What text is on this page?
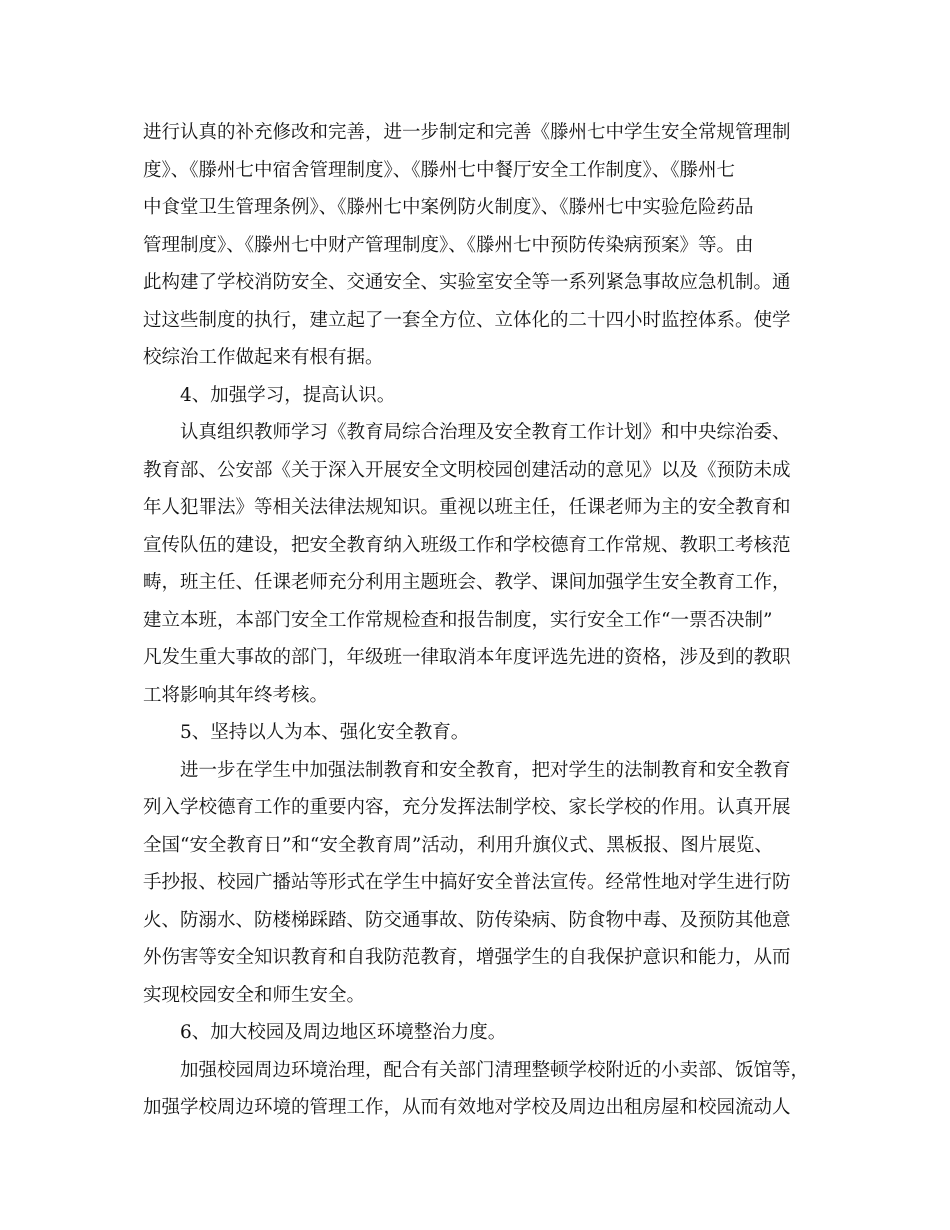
进行认真的补充修改和完善，进一步制定和完善《滕州七中学生安全常规管理制
度》、《滕州七中宿舍管理制度》、《滕州七中餐厅安全工作制度》、《滕州七
中食堂卫生管理条例》、《滕州七中案例防火制度》、《滕州七中实验危险药品
管理制度》、《滕州七中财产管理制度》、《滕州七中预防传染病预案》等。由
此构建了学校消防安全、交通安全、实验室安全等一系列紧急事故应急机制。通
过这些制度的执行，建立起了一套全方位、立体化的二十四小时监控体系。使学
校综治工作做起来有根有据。
4、加强学习，提高认识。
认真组织教师学习《教育局综合治理及安全教育工作计划》和中央综治委、
教育部、公安部《关于深入开展安全文明校园创建活动的意见》以及《预防未成
年人犯罪法》等相关法律法规知识。重视以班主任，任课老师为主的安全教育和
宣传队伍的建设，把安全教育纳入班级工作和学校德育工作常规、教职工考核范
畴，班主任、任课老师充分利用主题班会、教学、课间加强学生安全教育工作，
建立本班，本部门安全工作常规检查和报告制度，实行安全工作“一票否决制”
凡发生重大事故的部门，年级班一律取消本年度评选先进的资格，涉及到的教职
工将影响其年终考核。
5、坚持以人为本、强化安全教育。
进一步在学生中加强法制教育和安全教育，把对学生的法制教育和安全教育
列入学校德育工作的重要内容，充分发挥法制学校、家长学校的作用。认真开展
全国“安全教育日”和“安全教育周”活动，利用升旗仪式、黑板报、图片展览、
手抄报、校园广播站等形式在学生中搞好安全普法宣传。经常性地对学生进行防
火、防溺水、防楼梯踩踏、防交通事故、防传染病、防食物中毒、及预防其他意
外伤害等安全知识教育和自我防范教育，增强学生的自我保护意识和能力，从而
实现校园安全和师生安全。
6、加大校园及周边地区环境整治力度。
加强校园周边环境治理，配合有关部门清理整顿学校附近的小卖部、饭馆等，
加强学校周边环境的管理工作，从而有效地对学校及周边出租房屋和校园流动人
